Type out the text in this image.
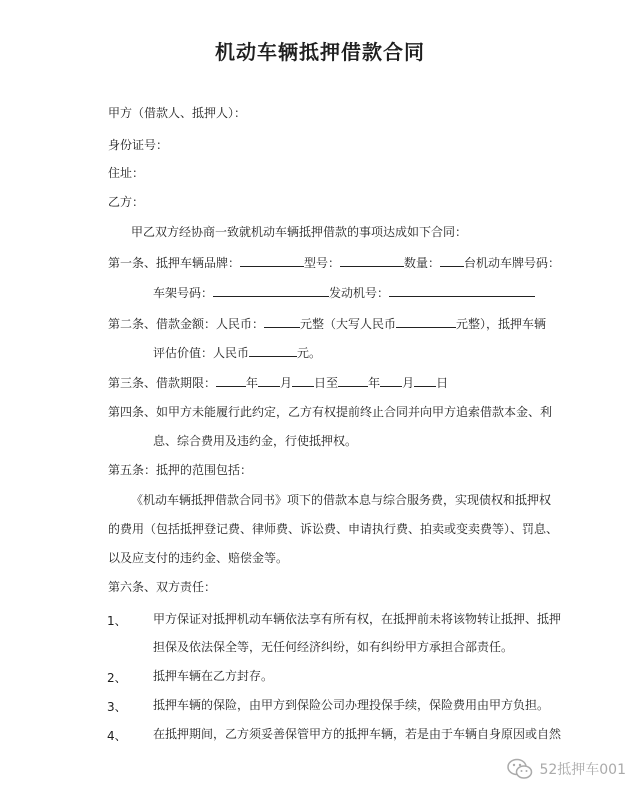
机动车辆抵押借款合同
甲方（借款人、抵押人）：
身份证号：
住址：
乙方：
甲乙双方经协商一致就机动车辆抵押借款的事项达成如下合同：
第一条、抵押车辆品牌：	型号：	数量： 台机动车牌号码：
车架号码：	发动机号：
第二条、借款金额：人民币：	元整（大写人民币	元整），抵押车辆
评估价值：人民币	元。
第三条、借款期限：	年 月 日至	年 月 日
第四条、如甲方未能履行此约定，乙方有权提前终止合同并向甲方追索借款本金、利
息、综合费用及违约金，行使抵押权。
第五条：抵押的范围包括：
《机动车辆抵押借款合同书》项下的借款本息与综合服务费，实现债权和抵押权
的费用（包括抵押登记费、律师费、诉讼费、申请执行费、拍卖或变卖费等）、罚息、
以及应支付的违约金、赔偿金等。
第六条、双方责任：
1、 甲方保证对抵押机动车辆依法享有所有权，在抵押前未将该物转让抵押、抵押
担保及依法保全等，无任何经济纠纷，如有纠纷甲方承担合部责任。
2、 抵押车辆在乙方封存。
3、 抵押车辆的保险，由甲方到保险公司办理投保手续，保险费用由甲方负担。
4、 在抵押期间，乙方须妥善保管甲方的抵押车辆，若是由于车辆自身原因或自然
52抵押车001
